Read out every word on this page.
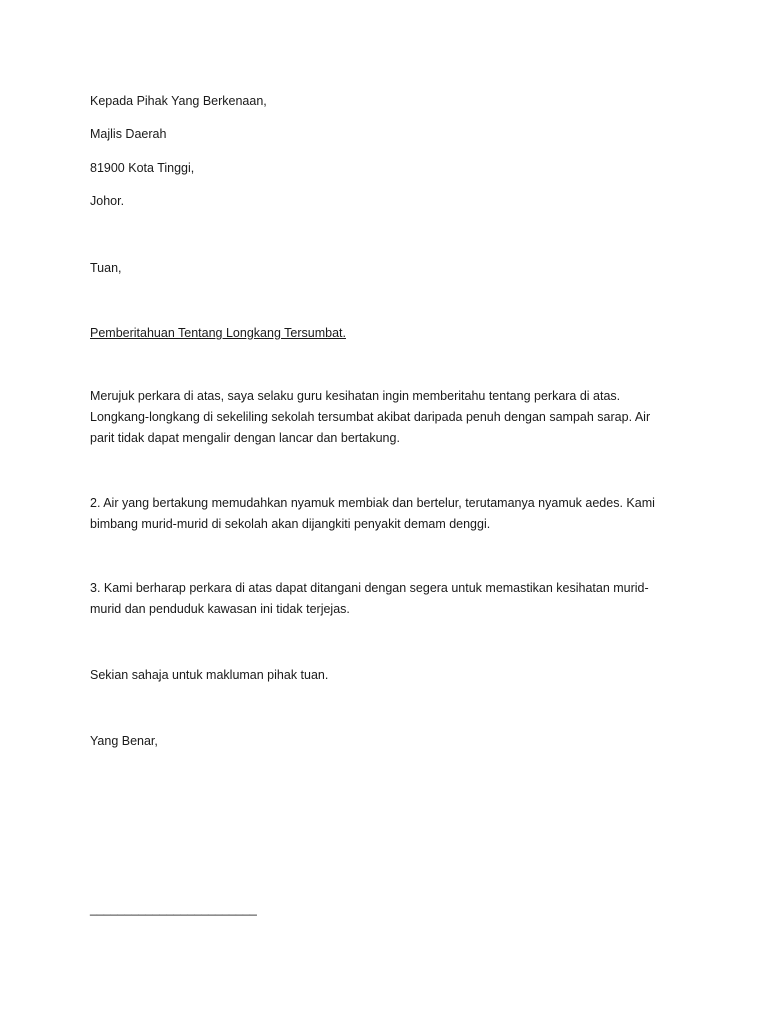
Kepada Pihak Yang Berkenaan,

Majlis Daerah

81900 Kota Tinggi,

Johor.

Tuan,

Pemberitahuan Tentang Longkang Tersumbat.

Merujuk perkara di atas, saya selaku guru kesihatan ingin memberitahu tentang perkara di atas.
Longkang-longkang di sekeliling sekolah tersumbat akibat daripada penuh dengan sampah sarap. Air
parit tidak dapat mengalir dengan lancar dan bertakung.
2. Air yang bertakung memudahkan nyamuk membiak dan bertelur, terutamanya nyamuk aedes. Kami
bimbang murid-murid di sekolah akan dijangkiti penyakit demam denggi.
3. Kami berharap perkara di atas dapat ditangani dengan segera untuk memastikan kesihatan murid-
murid dan penduduk kawasan ini tidak terjejas.

Sekian sahaja untuk makluman pihak tuan.

Yang Benar,

________________________
